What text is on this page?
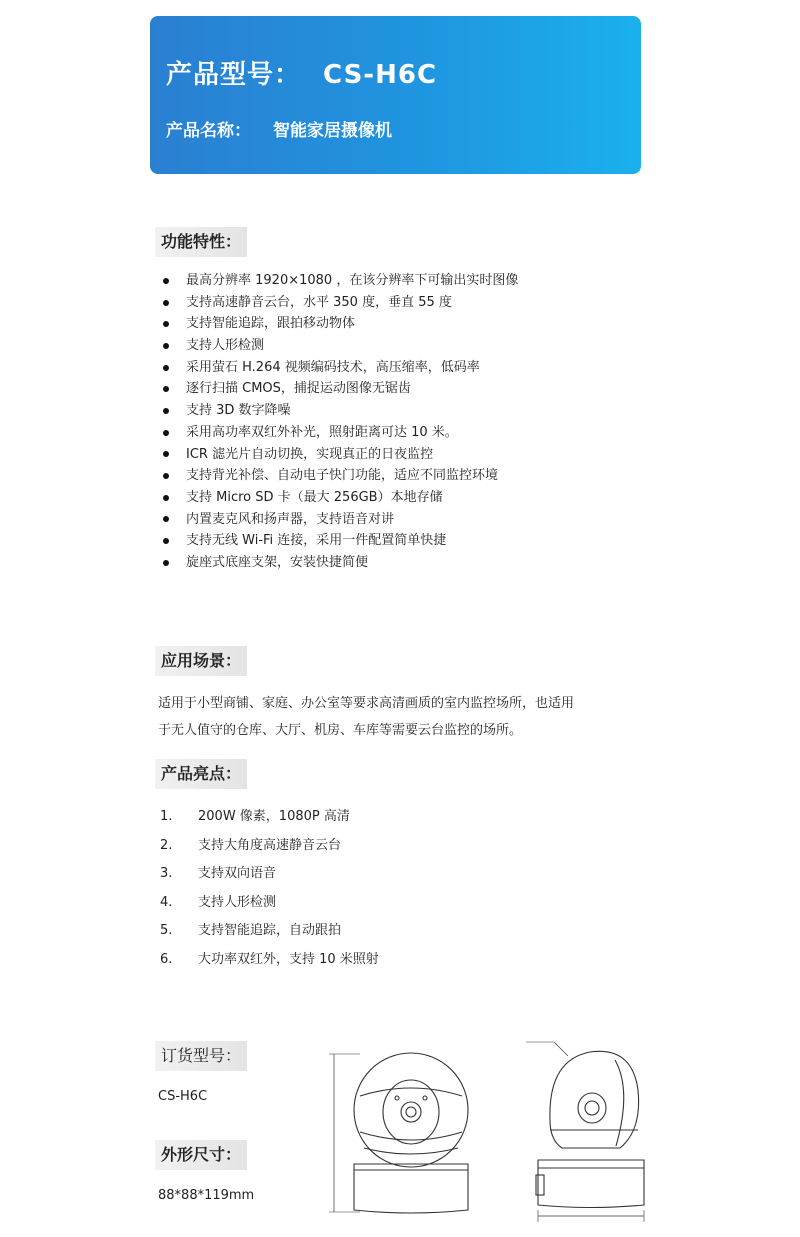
产品型号： CS-H6C
产品名称： 智能家居摄像机
功能特性：
最高分辨率 1920×1080 ，在该分辨率下可输出实时图像
支持高速静音云台，水平 350 度，垂直 55 度
支持智能追踪，跟拍移动物体
支持人形检测
采用萤石 H.264 视频编码技术，高压缩率，低码率
逐行扫描 CMOS，捕捉运动图像无锯齿
支持 3D 数字降噪
采用高功率双红外补光，照射距离可达 10 米。
ICR 滤光片自动切换，实现真正的日夜监控
支持背光补偿、自动电子快门功能，适应不同监控环境
支持 Micro SD 卡（最大 256GB）本地存储
内置麦克风和扬声器，支持语音对讲
支持无线 Wi-Fi 连接，采用一件配置简单快捷
旋座式底座支架，安装快捷简便
应用场景：
适用于小型商铺、家庭、办公室等要求高清画质的室内监控场所，也适用
于无人值守的仓库、大厅、机房、车库等需要云台监控的场所。
产品亮点：
1.	200W 像素，1080P 高清
2.	支持大角度高速静音云台
3.	支持双向语音
4.	支持人形检测
5.	支持智能追踪，自动跟拍
6.	大功率双红外，支持 10 米照射
订货型号：
CS-H6C
外形尺寸：
88*88*119mm
